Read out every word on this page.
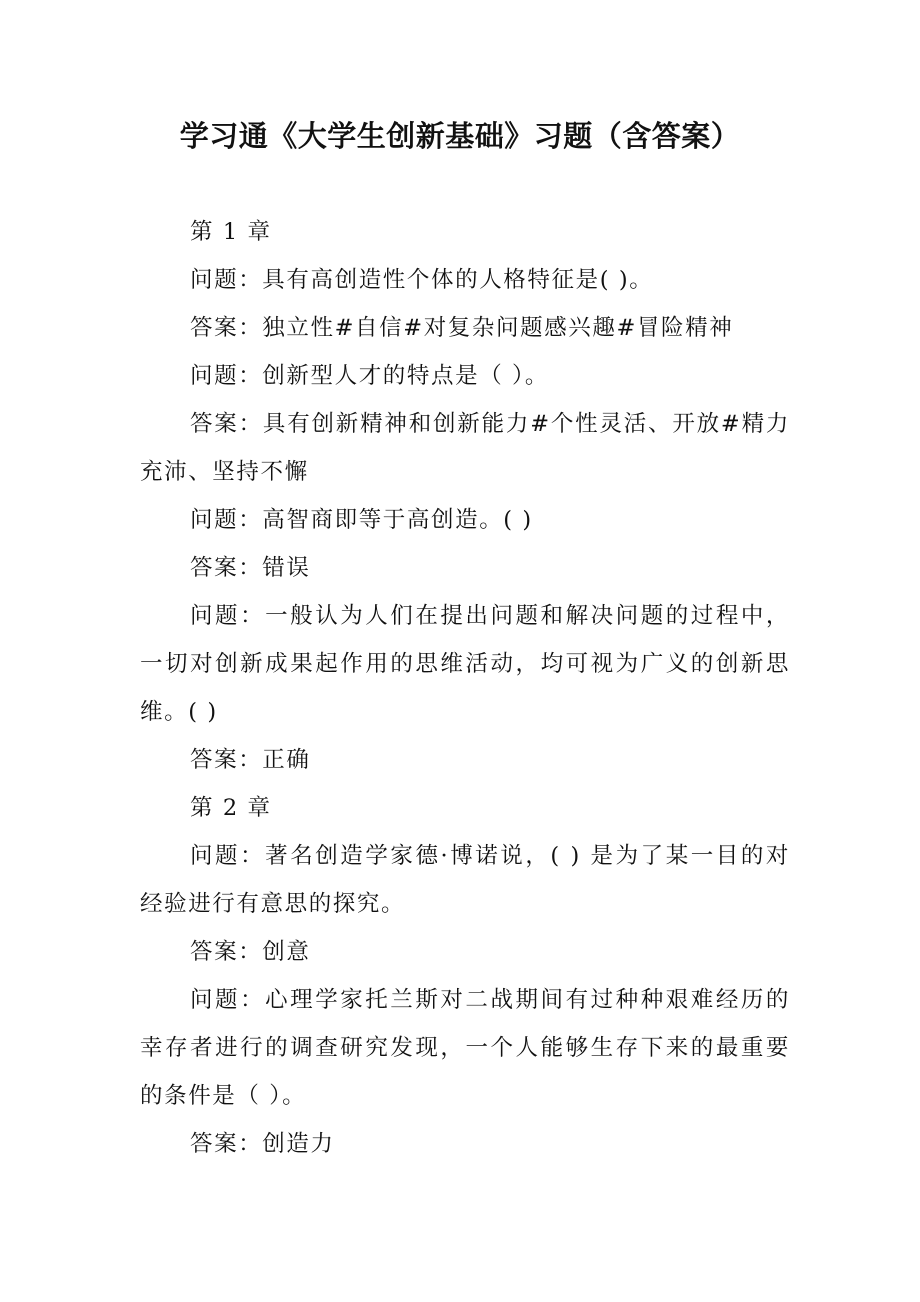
学习通《大学生创新基础》习题（含答案）

第 1 章

问题：具有高创造性个体的人格特征是( )。

答案：独立性#自信#对复杂问题感兴趣#冒险精神

问题：创新型人才的特点是（ ）。

答案：具有创新精神和创新能力#个性灵活、开放#精力充沛、坚持不懈

问题：高智商即等于高创造。( )

答案：错误

问题：一般认为人们在提出问题和解决问题的过程中，一切对创新成果起作用的思维活动，均可视为广义的创新思维。( )

答案：正确

第 2 章

问题：著名创造学家德·博诺说，( ) 是为了某一目的对经验进行有意思的探究。

答案：创意

问题：心理学家托兰斯对二战期间有过种种艰难经历的幸存者进行的调查研究发现，一个人能够生存下来的最重要的条件是（ ）。

答案：创造力
